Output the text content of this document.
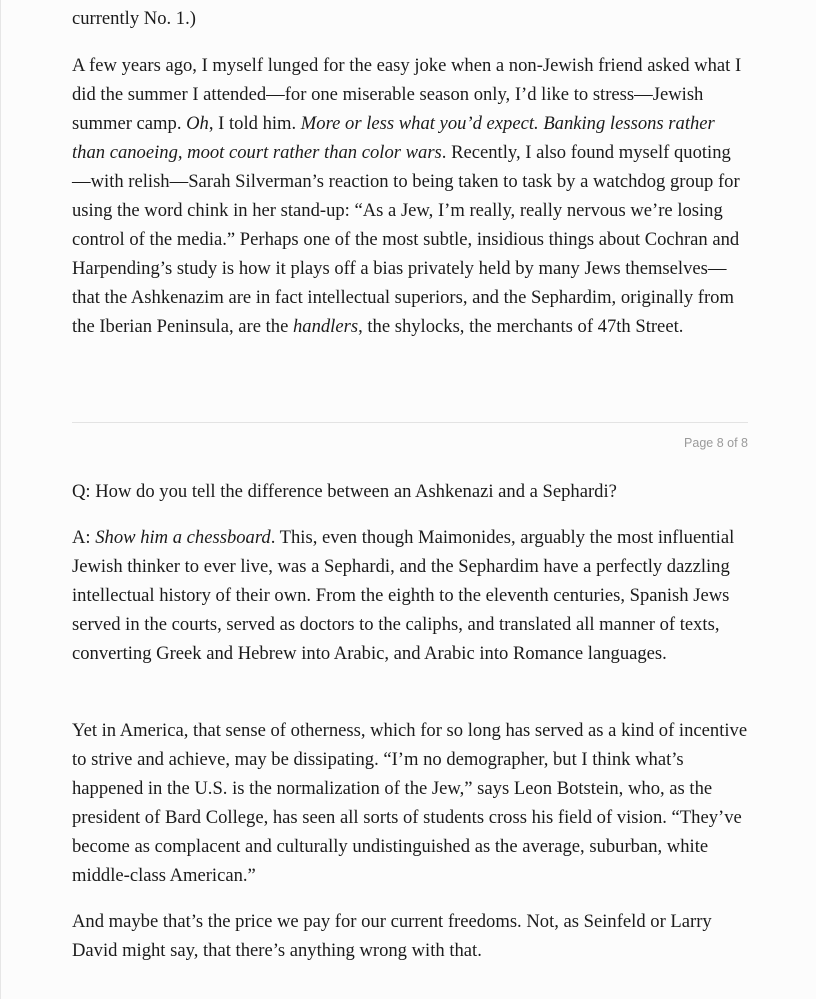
currently No. 1.)

A few years ago, I myself lunged for the easy joke when a non-Jewish friend asked what I did the summer I attended—for one miserable season only, I’d like to stress—Jewish summer camp. Oh, I told him. More or less what you’d expect. Banking lessons rather than canoeing, moot court rather than color wars. Recently, I also found myself quoting—with relish—Sarah Silverman’s reaction to being taken to task by a watchdog group for using the word chink in her stand-up: “As a Jew, I’m really, really nervous we’re losing control of the media.” Perhaps one of the most subtle, insidious things about Cochran and Harpending’s study is how it plays off a bias privately held by many Jews themselves—that the Ashkenazim are in fact intellectual superiors, and the Sephardim, originally from the Iberian Peninsula, are the handlers, the shylocks, the merchants of 47th Street.

Page 8 of 8

Q: How do you tell the difference between an Ashkenazi and a Sephardi?

A: Show him a chessboard. This, even though Maimonides, arguably the most influential Jewish thinker to ever live, was a Sephardi, and the Sephardim have a perfectly dazzling intellectual history of their own. From the eighth to the eleventh centuries, Spanish Jews served in the courts, served as doctors to the caliphs, and translated all manner of texts, converting Greek and Hebrew into Arabic, and Arabic into Romance languages.

Yet in America, that sense of otherness, which for so long has served as a kind of incentive to strive and achieve, may be dissipating. “I’m no demographer, but I think what’s happened in the U.S. is the normalization of the Jew,” says Leon Botstein, who, as the president of Bard College, has seen all sorts of students cross his field of vision. “They’ve become as complacent and culturally undistinguished as the average, suburban, white middle-class American.”

And maybe that’s the price we pay for our current freedoms. Not, as Seinfeld or Larry David might say, that there’s anything wrong with that.
